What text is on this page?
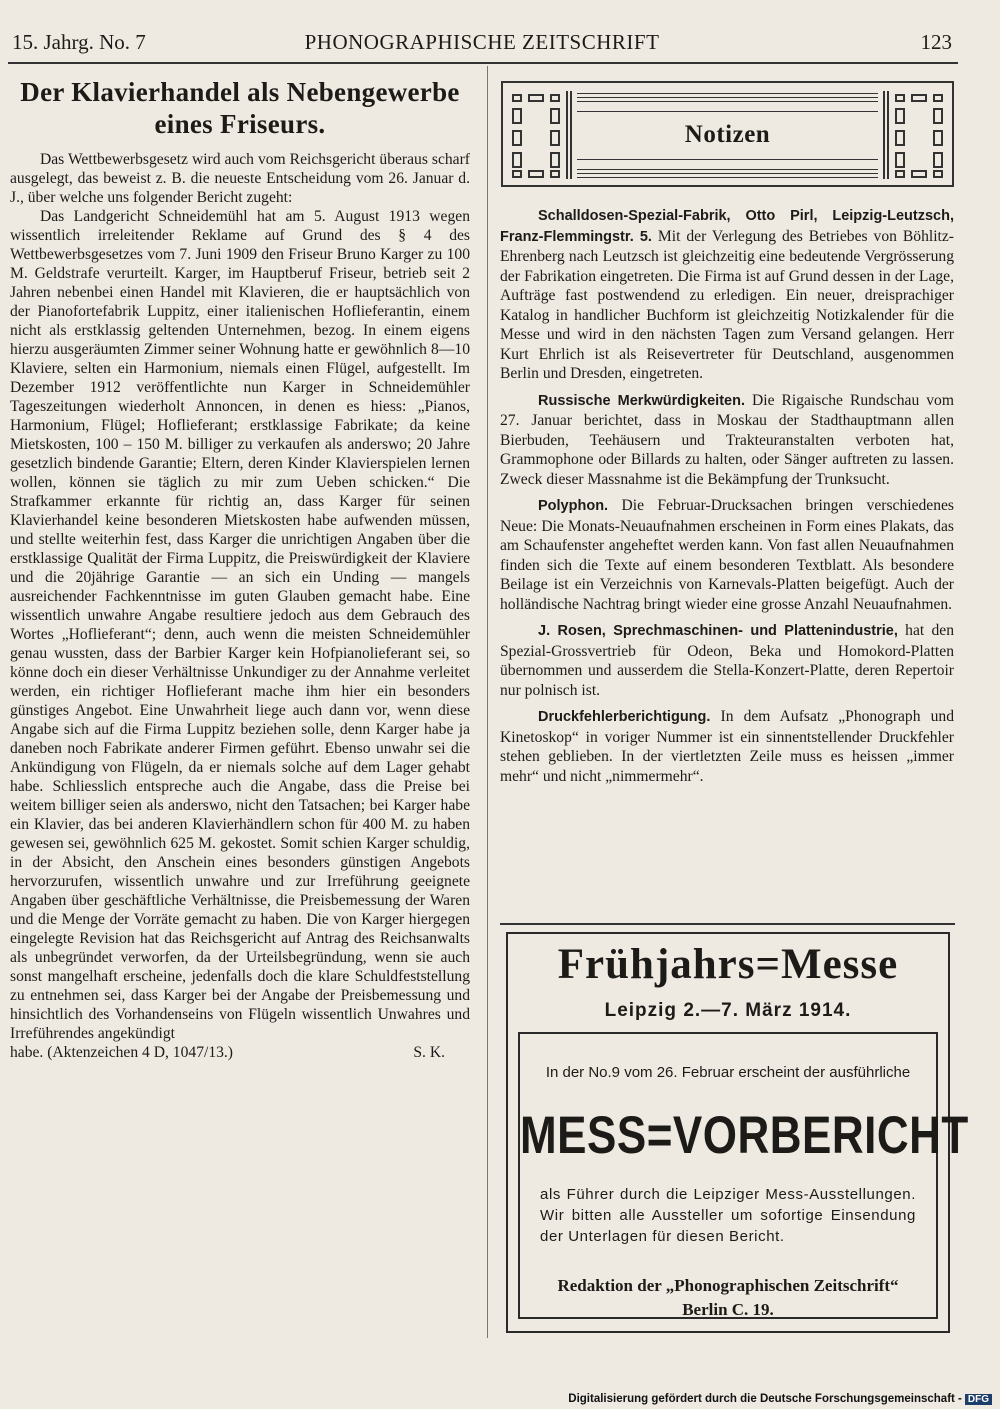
15. Jahrg. No. 7	PHONOGRAPHISCHE ZEITSCHRIFT	123
Der Klavierhandel als Nebengewerbe
eines Friseurs.

Das Wettbewerbsgesetz wird auch vom Reichsgericht überaus scharf ausgelegt, das beweist z. B. die neueste Entscheidung vom 26. Januar d. J., über welche uns folgender Bericht zugeht:

Das Landgericht Schneidemühl hat am 5. August 1913 wegen wissentlich irreleitender Reklame auf Grund des § 4 des Wettbewerbsgesetzes vom 7. Juni 1909 den Friseur Bruno Karger zu 100 M. Geldstrafe verurteilt. Karger, im Hauptberuf Friseur, betrieb seit 2 Jahren nebenbei einen Handel mit Klavieren, die er hauptsächlich von der Pianofortefabrik Luppitz, einer italienischen Hoflieferantin, einem nicht als erstklassig geltenden Unternehmen, bezog. In einem eigens hierzu ausgeräumten Zimmer seiner Wohnung hatte er gewöhnlich 8—10 Klaviere, selten ein Harmonium, niemals einen Flügel, aufgestellt. Im Dezember 1912 veröffentlichte nun Karger in Schneidemühler Tageszeitungen wiederholt Annoncen, in denen es hiess: „Pianos, Harmonium, Flügel; Hoflieferant; erstklassige Fabrikate; da keine Mietskosten, 100 – 150 M. billiger zu verkaufen als anderswo; 20 Jahre gesetzlich bindende Garantie; Eltern, deren Kinder Klavierspielen lernen wollen, können sie täglich zu mir zum Ueben schicken.“ Die Strafkammer erkannte für richtig an, dass Karger für seinen Klavierhandel keine besonderen Mietskosten habe aufwenden müssen, und stellte weiterhin fest, dass Karger die unrichtigen Angaben über die erstklassige Qualität der Firma Luppitz, die Preiswürdigkeit der Klaviere und die 20jährige Garantie — an sich ein Unding — mangels ausreichender Fachkenntnisse im guten Glauben gemacht habe. Eine wissentlich unwahre Angabe resultiere jedoch aus dem Gebrauch des Wortes „Hoflieferant“; denn, auch wenn die meisten Schneidemühler genau wussten, dass der Barbier Karger kein Hofpianolieferant sei, so könne doch ein dieser Verhältnisse Unkundiger zu der Annahme verleitet werden, ein richtiger Hoflieferant mache ihm hier ein besonders günstiges Angebot. Eine Unwahrheit liege auch dann vor, wenn diese Angabe sich auf die Firma Luppitz beziehen solle, denn Karger habe ja daneben noch Fabrikate anderer Firmen geführt. Ebenso unwahr sei die Ankündigung von Flügeln, da er niemals solche auf dem Lager gehabt habe. Schliesslich entspreche auch die Angabe, dass die Preise bei weitem billiger seien als anderswo, nicht den Tatsachen; bei Karger habe ein Klavier, das bei anderen Klavierhändlern schon für 400 M. zu haben gewesen sei, gewöhnlich 625 M. gekostet. Somit schien Karger schuldig, in der Absicht, den Anschein eines besonders günstigen Angebots hervorzurufen, wissentlich unwahre und zur Irreführung geeignete Angaben über geschäftliche Verhältnisse, die Preisbemessung der Waren und die Menge der Vorräte gemacht zu haben. Die von Karger hiergegen eingelegte Revision hat das Reichsgericht auf Antrag des Reichsanwalts als unbegründet verworfen, da der Urteilsbegründung, wenn sie auch sonst mangelhaft erscheine, jedenfalls doch die klare Schuldfeststellung zu entnehmen sei, dass Karger bei der Angabe der Preisbemessung und hinsichtlich des Vorhandenseins von Flügeln wissentlich Unwahres und Irreführendes angekündigt

habe. (Aktenzeichen 4 D, 1047/13.)	S. K.
Notizen

Schalldosen-Spezial-Fabrik, Otto Pirl, Leipzig-Leutzsch, Franz-Flemmingstr. 5. Mit der Verlegung des Betriebes von Böhlitz-Ehrenberg nach Leutzsch ist gleichzeitig eine bedeutende Vergrösserung der Fabrikation eingetreten. Die Firma ist auf Grund dessen in der Lage, Aufträge fast postwendend zu erledigen. Ein neuer, dreisprachiger Katalog in handlicher Buchform ist gleichzeitig Notizkalender für die Messe und wird in den nächsten Tagen zum Versand gelangen. Herr Kurt Ehrlich ist als Reisevertreter für Deutschland, ausgenommen Berlin und Dresden, eingetreten.

Russische Merkwürdigkeiten. Die Rigaische Rundschau vom 27. Januar berichtet, dass in Moskau der Stadthauptmann allen Bierbuden, Teehäusern und Trakteuranstalten verboten hat, Grammophone oder Billards zu halten, oder Sänger auftreten zu lassen. Zweck dieser Massnahme ist die Bekämpfung der Trunksucht.

Polyphon. Die Februar-Drucksachen bringen verschiedenes Neue: Die Monats-Neuaufnahmen erscheinen in Form eines Plakats, das am Schaufenster angeheftet werden kann. Von fast allen Neuaufnahmen finden sich die Texte auf einem besonderen Textblatt. Als besondere Beilage ist ein Verzeichnis von Karnevals-Platten beigefügt. Auch der holländische Nachtrag bringt wieder eine grosse Anzahl Neuaufnahmen.

J. Rosen, Sprechmaschinen- und Plattenindustrie, hat den Spezial-Grossvertrieb für Odeon, Beka und Homokord-Platten übernommen und ausserdem die Stella-Konzert-Platte, deren Repertoir nur polnisch ist.

Druckfehlerberichtigung. In dem Aufsatz „Phonograph und Kinetoskop“ in voriger Nummer ist ein sinnentstellender Druckfehler stehen geblieben. In der viertletzten Zeile muss es heissen „immer mehr“ und nicht „nimmermehr“.

Frühjahrs=Messe
Leipzig 2.—7. März 1914.
In der No.9 vom 26. Februar erscheint der ausführliche
MESS=VORBERICHT
als Führer durch die Leipziger Mess-Ausstellungen. Wir bitten alle Aussteller um sofortige Einsendung der Unterlagen für diesen Bericht.
Redaktion der „Phonographischen Zeitschrift“
Berlin C. 19.
Digitalisierung gefördert durch die Deutsche Forschungsgemeinschaft - DFG
